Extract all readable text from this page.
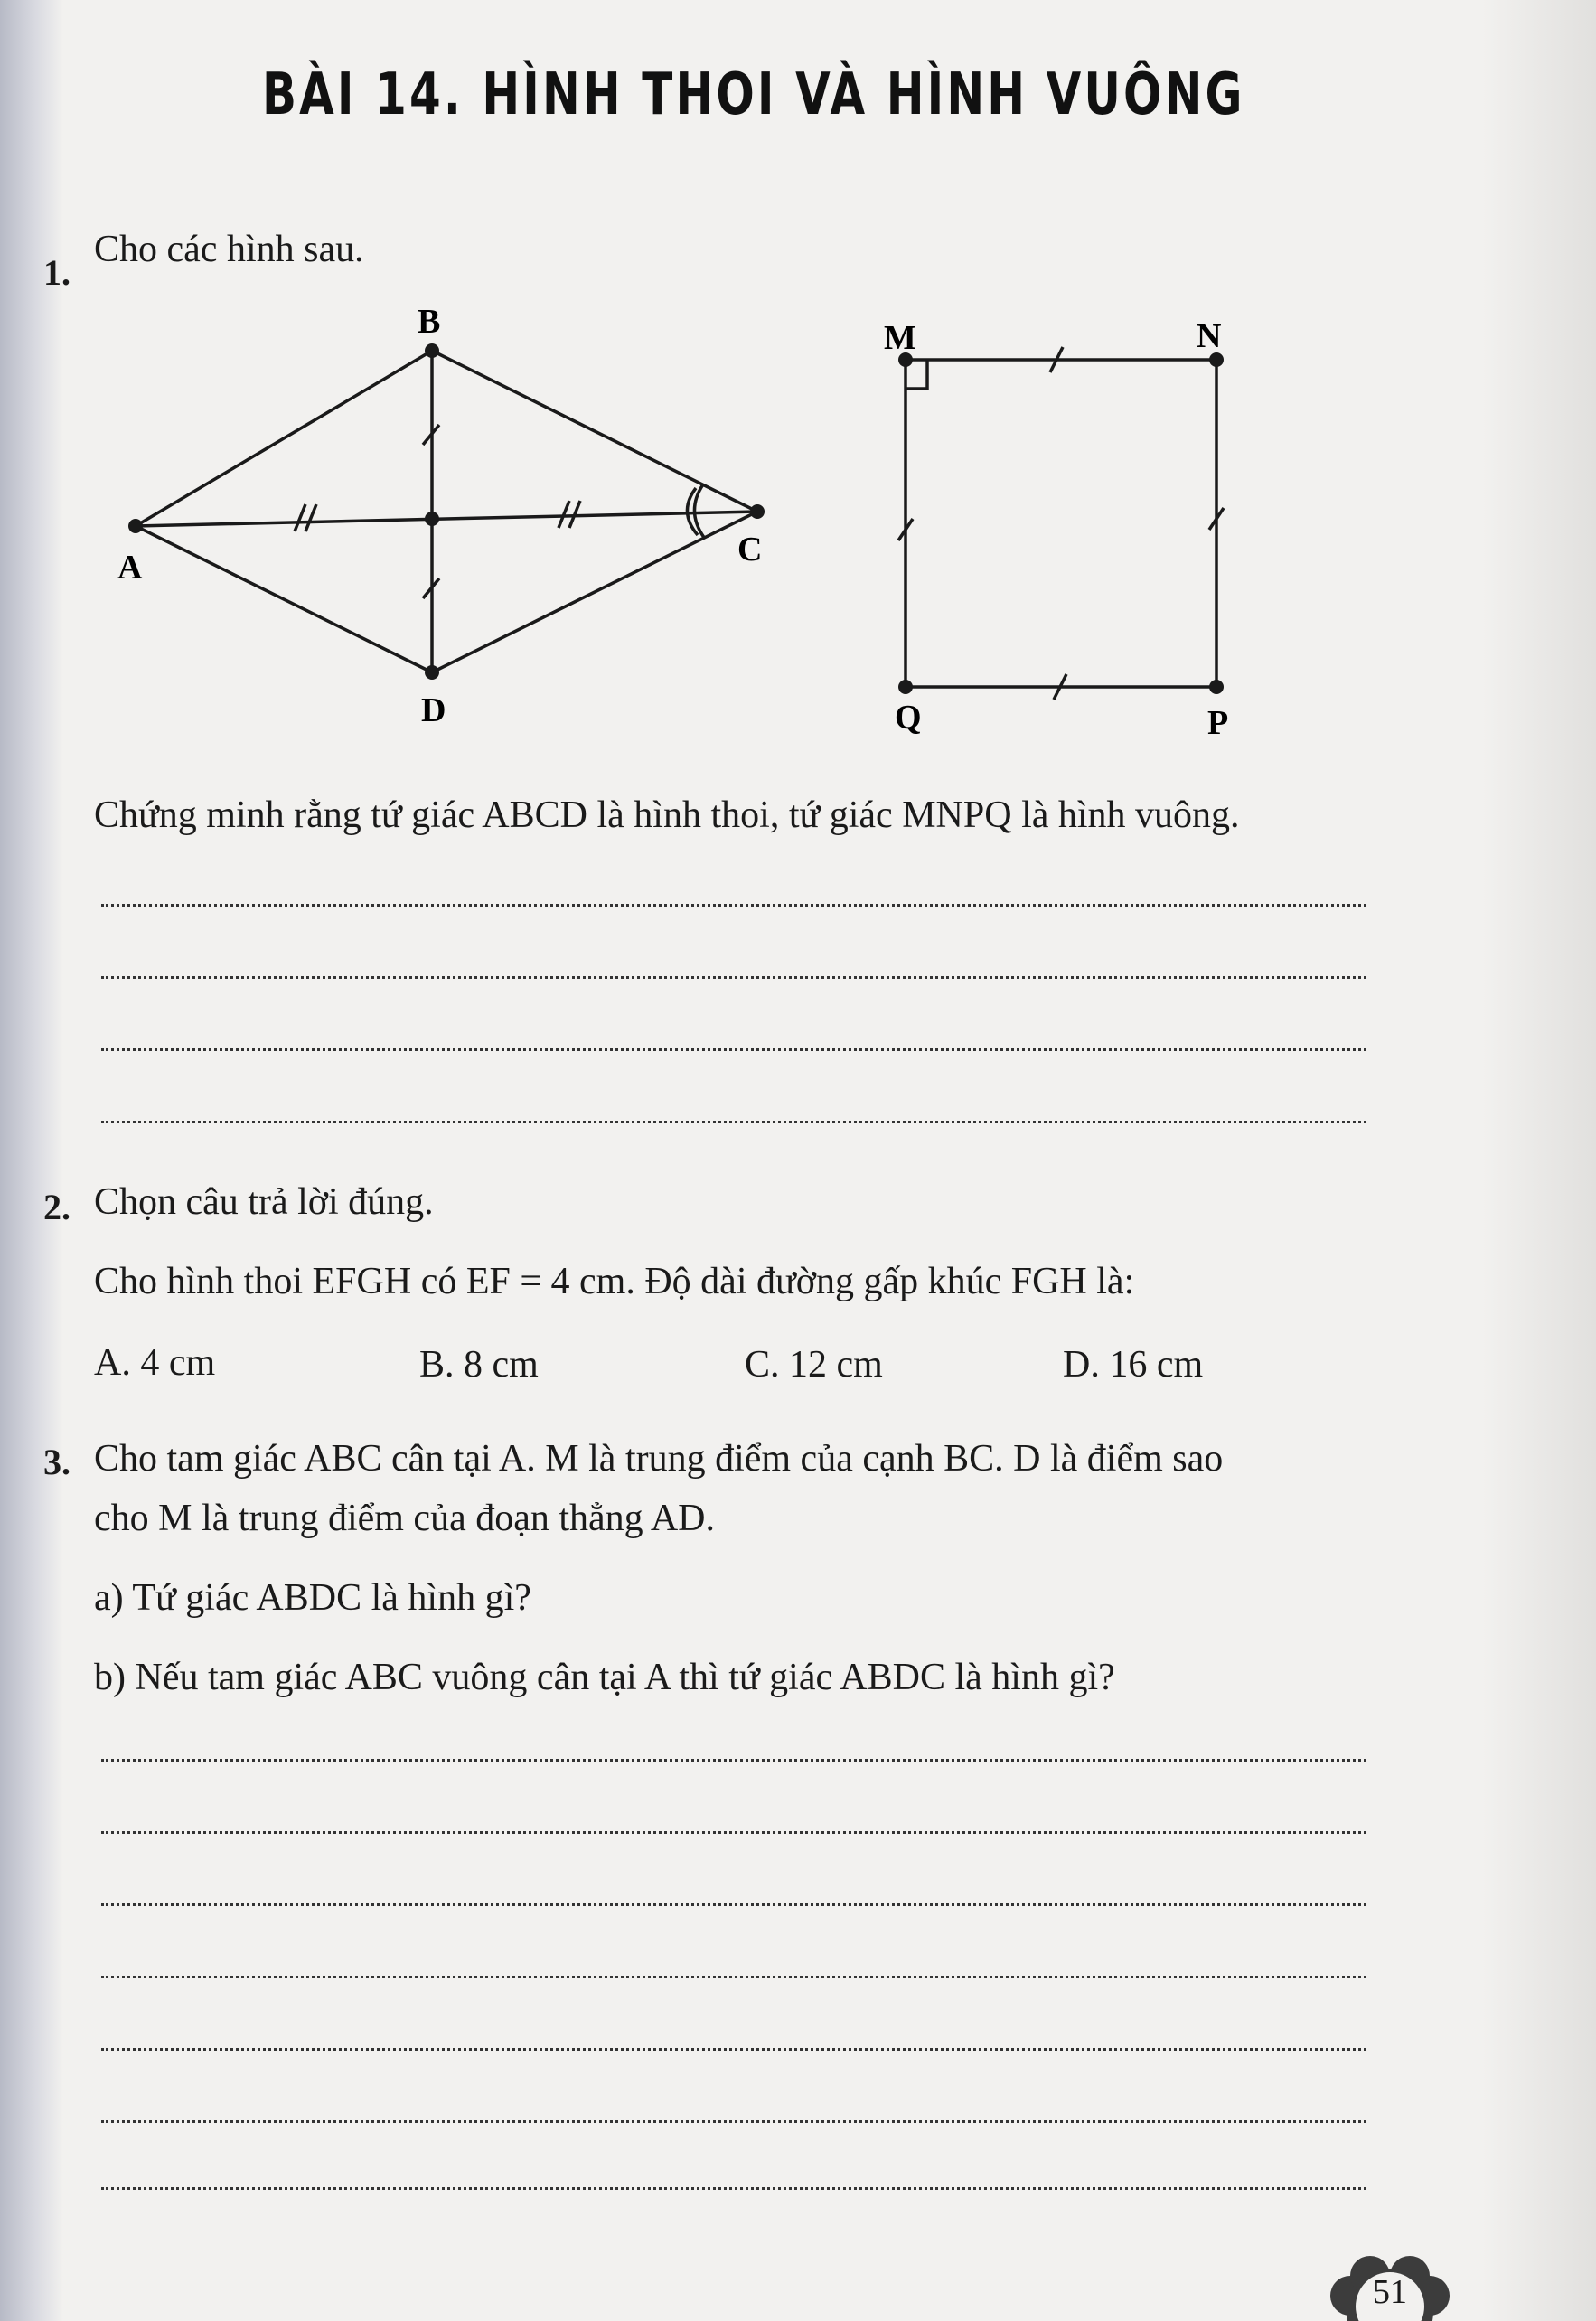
BÀI 14. HÌNH THOI VÀ HÌNH VUÔNG
1.
Cho các hình sau.
A
B
C
D
M	N
P
Q
Chứng minh rằng tứ giác ABCD là hình thoi, tứ giác MNPQ là hình vuông.
2. Chọn câu trả lời đúng.
Cho hình thoi EFGH có EF = 4 cm. Độ dài đường gấp khúc FGH là:
A. 4 cm	B. 8 cm	C. 12 cm	D. 16 cm
3. Cho tam giác ABC cân tại A. M là trung điểm của cạnh BC. D là điểm sao
cho M là trung điểm của đoạn thẳng AD.
a) Tứ giác ABDC là hình gì?
b) Nếu tam giác ABC vuông cân tại A thì tứ giác ABDC là hình gì?
51
